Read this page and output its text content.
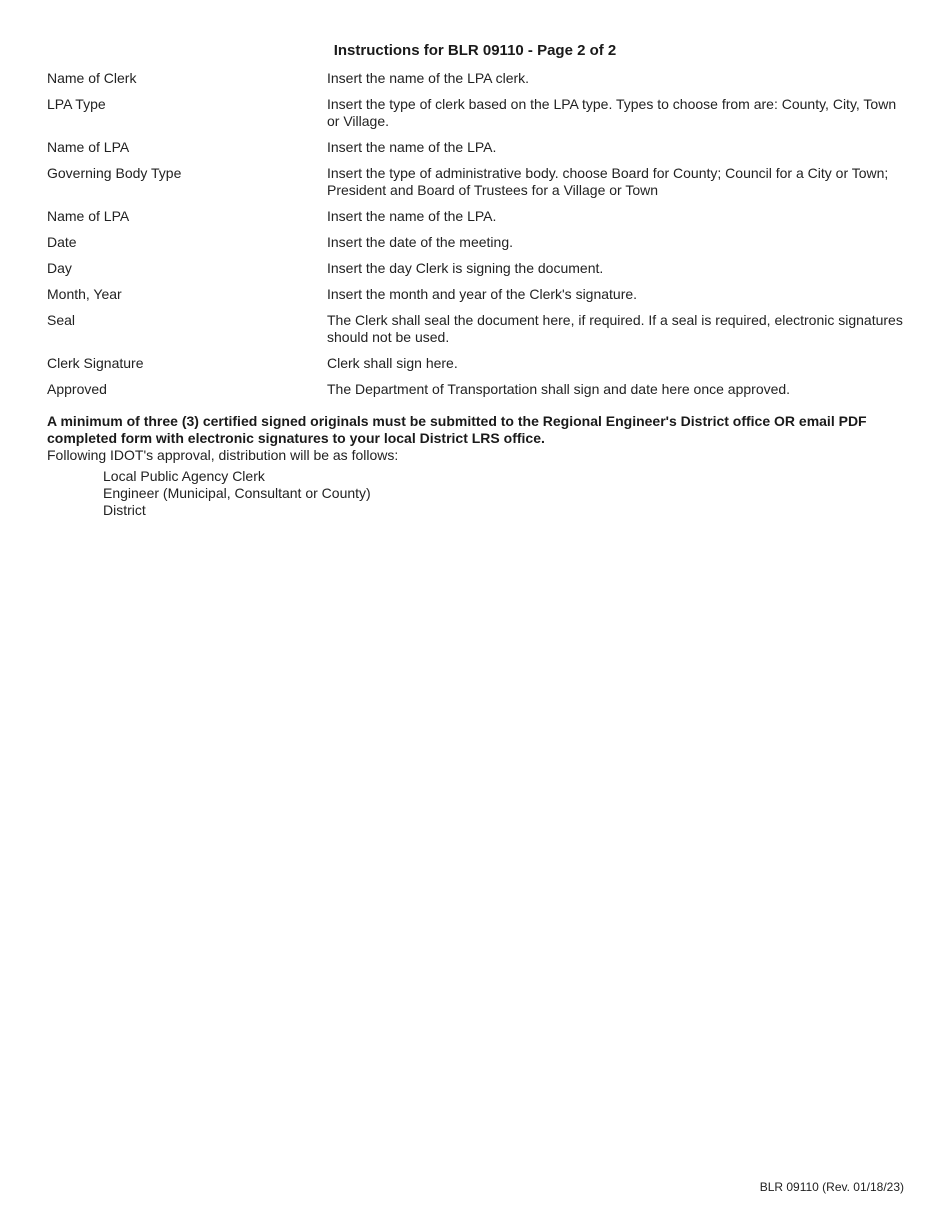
Instructions for BLR 09110 - Page 2 of 2
Name of Clerk	Insert the name of the LPA clerk.
LPA Type	Insert the type of clerk based on the LPA type. Types to choose from are: County, City, Town or Village.
Name of LPA	Insert the name of the LPA.
Governing Body Type	Insert the type of administrative body. choose Board for County; Council for a City or Town; President and Board of Trustees for a Village or Town
Name of LPA	Insert the name of the LPA.
Date	Insert the date of the meeting.
Day	Insert the day Clerk is signing the document.
Month, Year	Insert the month and year of the Clerk's signature.
Seal	The Clerk shall seal the document here, if required. If a seal is required, electronic signatures should not be used.
Clerk Signature	Clerk shall sign here.
Approved	The Department of Transportation shall sign and date here once approved.
A minimum of three (3) certified signed originals must be submitted to the Regional Engineer's District office OR email PDF completed form with electronic signatures to your local District LRS office.
Following IDOT's approval, distribution will be as follows:
Local Public Agency Clerk
Engineer (Municipal, Consultant or County)
District
BLR 09110 (Rev. 01/18/23)
